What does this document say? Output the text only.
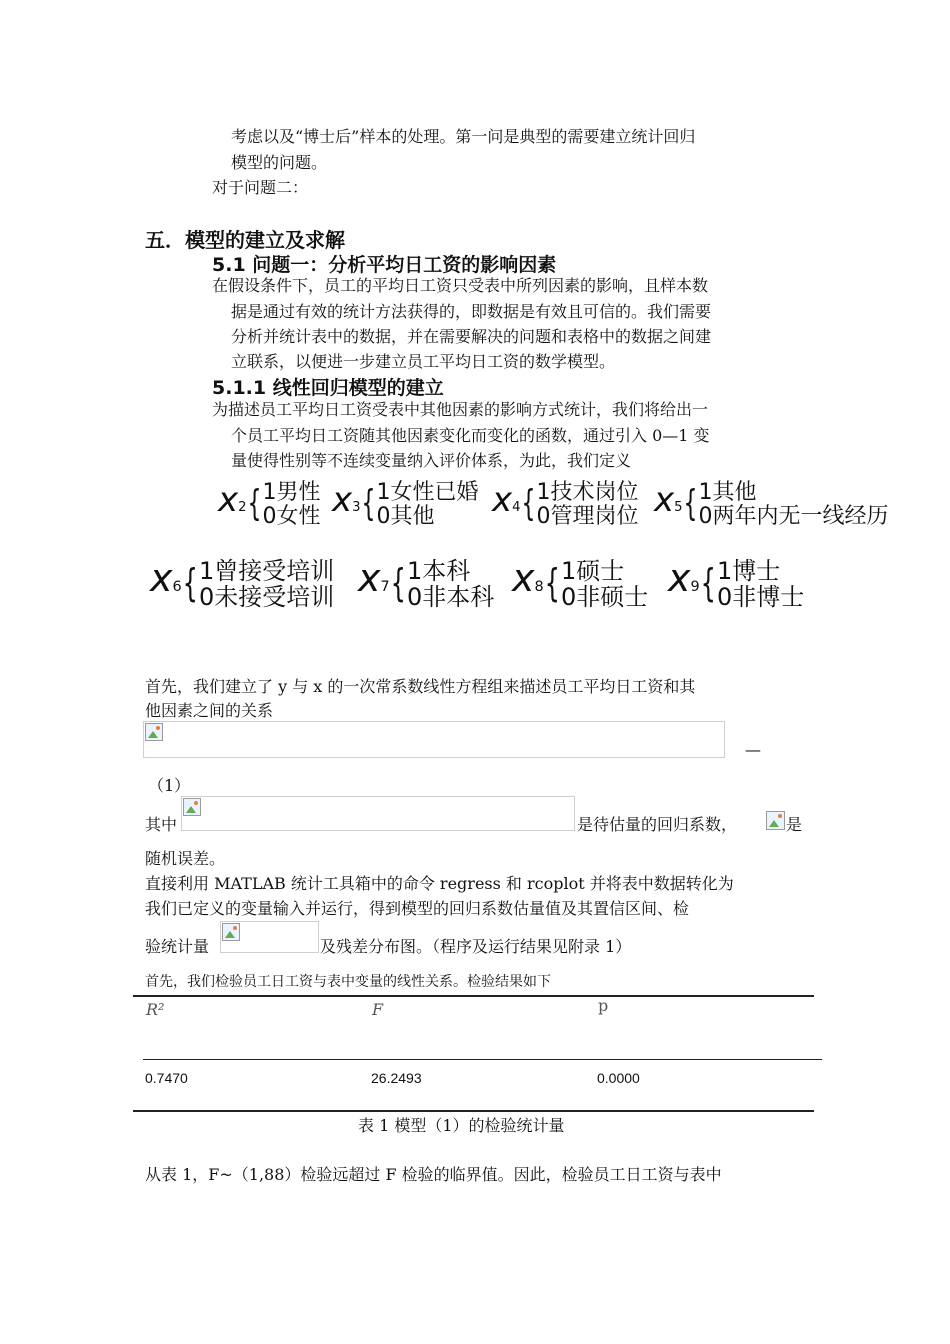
考虑以及“博士后”样本的处理。第一问是典型的需要建立统计回归
模型的问题。
对于问题二：
五．模型的建立及求解
5.1 问题一：分析平均日工资的影响因素
在假设条件下，员工的平均日工资只受表中所列因素的影响，且样本数
据是通过有效的统计方法获得的，即数据是有效且可信的。我们需要
分析并统计表中的数据，并在需要解决的问题和表格中的数据之间建
立联系，以便进一步建立员工平均日工资的数学模型。
5.1.1 线性回归模型的建立
为描述员工平均日工资受表中其他因素的影响方式统计，我们将给出一
个员工平均日工资随其他因素变化而变化的函数，通过引入 0—1 变
量使得性别等不连续变量纳入评价体系，为此，我们定义
x2{ 1男性
0女性 x3{ 1女性已婚
0其他	x4{ 1技术岗位
0管理岗位 x5{ 1其他
0两年内无一线经历
x6{ 1曾接受培训
0未接受培训 x7{ 1本科
0非本科 x8{ 1硕士
0非硕士 x9{ 1博士
0非博士
首先，我们建立了 y 与 x 的一次常系数线性方程组来描述员工平均日工资和其
他因素之间的关系
—
（1）
其中	是待估量的回归系数，	是
随机误差。
直接利用 MATLAB 统计工具箱中的命令 regress 和 rcoplot 并将表中数据转化为
我们已定义的变量输入并运行，得到模型的回归系数估量值及其置信区间、检
验统计量	及残差分布图。（程序及运行结果见附录 1）
首先，我们检验员工日工资与表中变量的线性关系。检验结果如下
R²	F	p
0.7470	26.2493	0.0000
表 1 模型（1）的检验统计量
从表 1，F~（1,88）检验远超过 F 检验的临界值。因此，检验员工日工资与表中
